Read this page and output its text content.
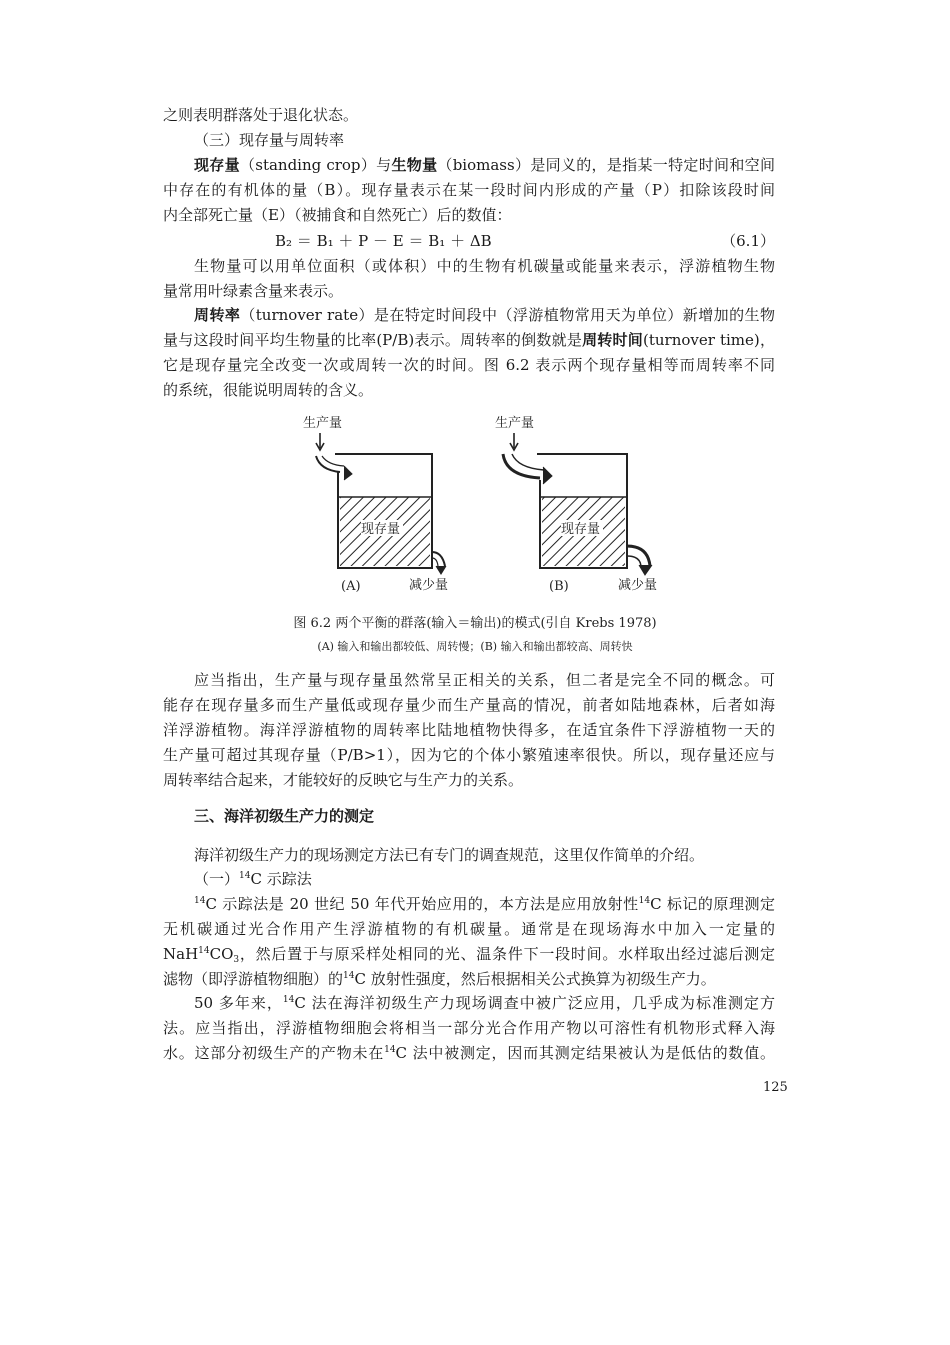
之则表明群落处于退化状态。
（三）现存量与周转率
现存量（standing crop）与生物量（biomass）是同义的，是指某一特定时间和空间
中存在的有机体的量（B）。现存量表示在某一段时间内形成的产量（P）扣除该段时间
内全部死亡量（E）（被捕食和自然死亡）后的数值：
B₂ ＝ B₁ ＋ P － E ＝ B₁ ＋ ΔB	（6.1）
生物量可以用单位面积（或体积）中的生物有机碳量或能量来表示，浮游植物生物
量常用叶绿素含量来表示。
周转率（turnover rate）是在特定时间段中（浮游植物常用天为单位）新增加的生物
量与这段时间平均生物量的比率(P/B)表示。周转率的倒数就是周转时间(turnover time)，
它是现存量完全改变一次或周转一次的时间。图 6.2 表示两个现存量相等而周转率不同
的系统，很能说明周转的含义。
生产量
现存量
(A)	减少量
生产量
现存量
(B)	减少量
图 6.2 两个平衡的群落(输入＝输出)的模式(引自 Krebs 1978)
(A) 输入和输出都较低、周转慢；(B) 输入和输出都较高、周转快
应当指出，生产量与现存量虽然常呈正相关的关系，但二者是完全不同的概念。可
能存在现存量多而生产量低或现存量少而生产量高的情况，前者如陆地森林，后者如海
洋浮游植物。海洋浮游植物的周转率比陆地植物快得多，在适宜条件下浮游植物一天的
生产量可超过其现存量（P/B>1），因为它的个体小繁殖速率很快。所以，现存量还应与
周转率结合起来，才能较好的反映它与生产力的关系。
三、海洋初级生产力的测定
海洋初级生产力的现场测定方法已有专门的调查规范，这里仅作简单的介绍。
（一）$^{14}$C 示踪法
$^{14}$C 示踪法是 20 世纪 50 年代开始应用的，本方法是应用放射性$^{14}$C 标记的原理测定
无机碳通过光合作用产生浮游植物的有机碳量。通常是在现场海水中加入一定量的
$NaH^{14}CO_3$，然后置于与原采样处相同的光、温条件下一段时间。水样取出经过滤后测定
滤物（即浮游植物细胞）的$^{14}$C 放射性强度，然后根据相关公式换算为初级生产力。
50 多年来，$^{14}$C 法在海洋初级生产力现场调查中被广泛应用，几乎成为标准测定方
法。应当指出，浮游植物细胞会将相当一部分光合作用产物以可溶性有机物形式释入海
水。这部分初级生产的产物未在$^{14}$C 法中被测定，因而其测定结果被认为是低估的数值。
125
